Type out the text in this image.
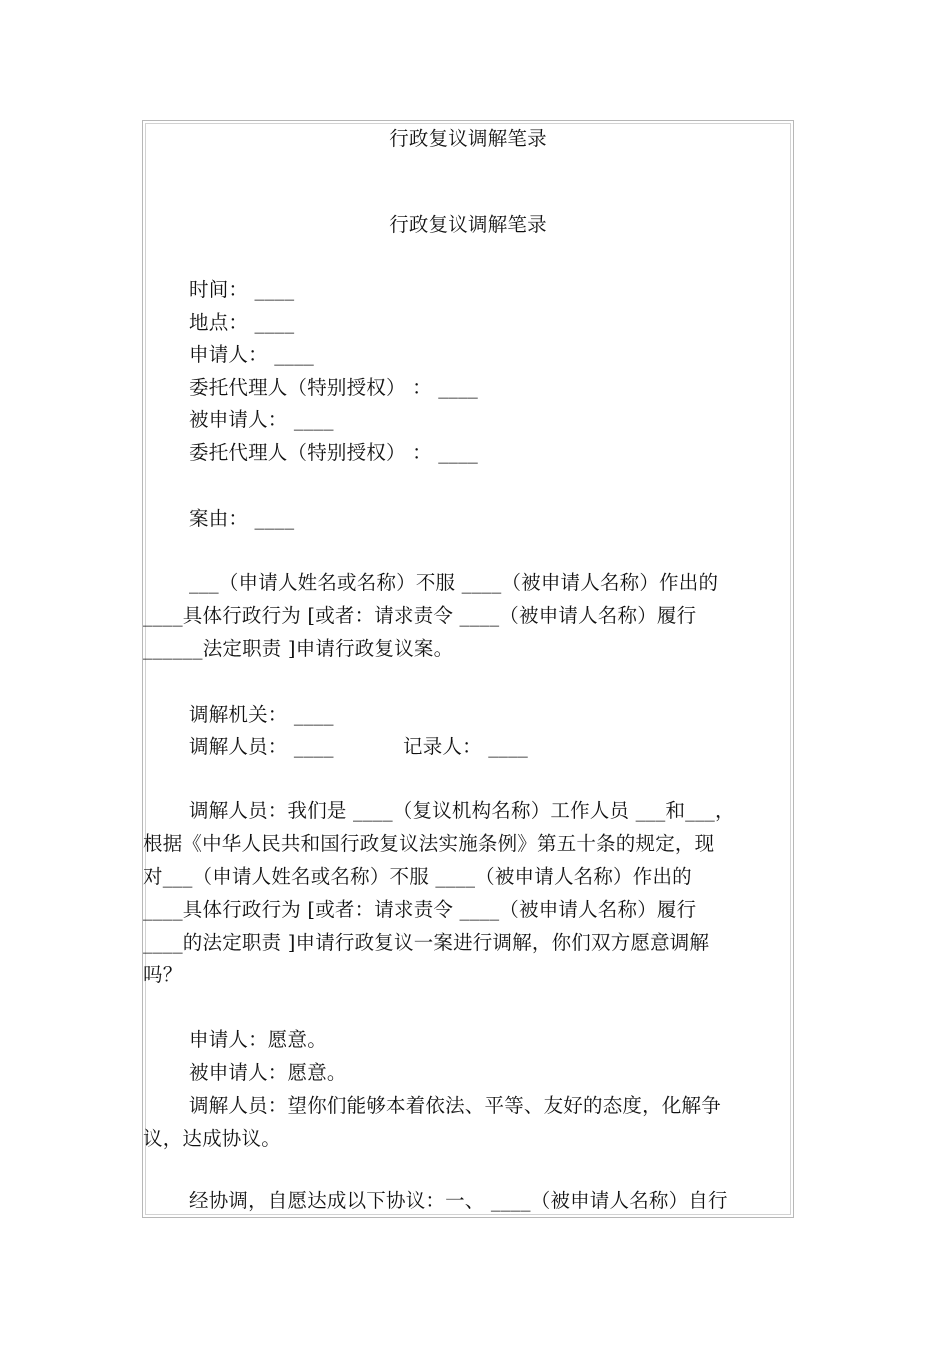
行政复议调解笔录
行政复议调解笔录
时间： ____
地点： ____
申请人： ____
委托代理人（特别授权） ： ____
被申请人： ____
委托代理人（特别授权） ： ____
案由： ____
___（申请人姓名或名称）不服 ____（被申请人名称）作出的
____具体行政行为 [或者：请求责令 ____（被申请人名称）履行
______法定职责 ]申请行政复议案。
调解机关： ____
调解人员： ____	记录人： ____
调解人员：我们是 ____（复议机构名称）工作人员 ___和___，
根据《中华人民共和国行政复议法实施条例》第五十条的规定，现
对___（申请人姓名或名称）不服 ____（被申请人名称）作出的
____具体行政行为 [或者：请求责令 ____（被申请人名称）履行
____的法定职责 ]申请行政复议一案进行调解，你们双方愿意调解
吗？
申请人：愿意。
被申请人：愿意。
调解人员：望你们能够本着依法、平等、友好的态度，化解争
议，达成协议。
经协调，自愿达成以下协议：一、 ____（被申请人名称）自行
